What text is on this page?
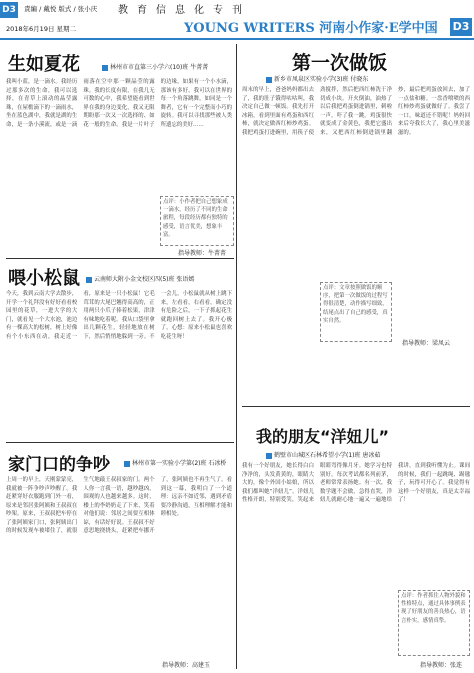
D3	責編 / 戴悦 版式 / 张小庆 教育信息化专刊
2018年6月19日 星期二	YOUNG WRITERS 河南小作家·E学中国 D3
生如夏花	林州市市直第三小学六(10)班 牛菁菁
我叫小蓝，是一滴水。我经历过那多次的生命，我可以选择，在青草上滚动的晶莹露珠，在屋檐滴下的一滴雨水，坐在蓝色湖中，我就是湖的生命，是一条小溪流，或是一滴雨落在空中那一颗晶莹的露珠。我的长度有限，在我几无可数的心中，我希望能看到世界在我的身边变化，我又无限期盼那一次又一次选择的、如花一般的生命。我是一片叶子的边缘，如果有一个小水滴，那该有多好。我可以在世界的每一个角落跳舞，如同是一个舞者，它有一个完整而小巧的旋转。我可以寻找那些被人类所遗忘的美好……
点评：小作者把自己想象成一滴水，经历了不同的生命旅程，每段经历都有独特的感受，语言优美，想象丰富。
指导教师：牛菁菁
喂小松鼠	云南师大附小金文校区四(5)班 张语嫣
今天，我到云南大学去散步，开学一个礼拜没有好好看看校园里的花草，一进大学的大门，就看见一个大水池，池边有一棵高大的松树，树上好像有个小东西在动，我走近一看，原来是一只小松鼠！它毛茸茸的大尾巴翘得高高的，正用两只小爪子捧着松果，津津有味地吃着呢。我从口袋里拿出几颗花生，轻轻地放在树下，然后悄悄地躲到一旁。不一会儿，小松鼠就从树上跳下来，左看看，右看看，确定没有危险之后，一下子抓起花生就跑回树上去了。我开心极了，心想：原来小松鼠也喜欢吃花生呀！
家门口的争吵	林州市第一实验小学第(2)班 石冰桥
上周一的早上，天刚蒙蒙亮，我就被一阵争吵声吵醒了。我赶紧穿好衣服跑到门外一看，原来是邻居张阿姨和王叔叔在吵架。原来，王叔叔把车停在了张阿姨家门口，张阿姨出门的时候发现车被堵住了，就很生气地敲王叔叔家的门。两个人你一言我一语，越吵越凶，围观的人也越来越多。这时，楼上的李奶奶走了下来，笑着对他们说：邻居之间要互相体谅，有话好好说。王叔叔不好意思地挠挠头，赶紧把车挪开了，张阿姨也不再生气了。看到这一幕，我明白了一个道理：远亲不如近邻，遇到矛盾要冷静沟通，互相理解才能和睦相处。
指导教师：高建玉
第一次做饭
新乡市凤泉区实验小学(3)班 付晓东
周末的早上，爸爸妈妈都出去了，我的肚子饿得咕咕叫，我决定自己做一顿饭。我先打开冰箱，看到里面有鸡蛋和西红柿，就决定做西红柿炒鸡蛋。我把鸡蛋打进碗里，用筷子使劲搅拌，然后把西红柿洗干净切成小块。开火倒油，油热了以后我把鸡蛋倒进锅里，刺啦一声，吓了我一跳。鸡蛋很快就变成了金黄色，我把它盛出来，又把西红柿倒进锅里翻炒，最后把鸡蛋放回去，加了一点盐和糖。一盘香喷喷的西红柿炒鸡蛋就做好了。我尝了一口，味道还不错呢！妈妈回来后夸我长大了，我心里美滋滋的。
点评：文章按照做饭的顺序，把第一次做饭的过程写得很清楚，动作描写细致，结尾点出了自己的感受，真实自然。
指导教师：梁凤云
我的朋友“洋妞儿”
鹤壁市山城区石林希望小学(1)班 唐冰茹
我有一个好朋友，她长得白白净净的，头发黄黄的，眼睛大大的，像个外国小姑娘，所以我们都叫她“洋妞儿”。洋妞儿性格开朗，特别爱笑，笑起来眼睛弯得像月牙。她学习也特别好，每次考试都名列前茅，老师常常表扬她。有一次，我数学题不会做，急得直哭，洋妞儿就耐心地一遍又一遍地给我讲，直到我听懂为止。课间的时候，我们一起跳绳、踢毽子，玩得可开心了。我觉得有这样一个好朋友，真是太幸福了！
点评：作者抓住人物外貌和性格特点，通过具体事例表现了好朋友的善良热心，语言朴实，感情真挚。
指导教师：张连
